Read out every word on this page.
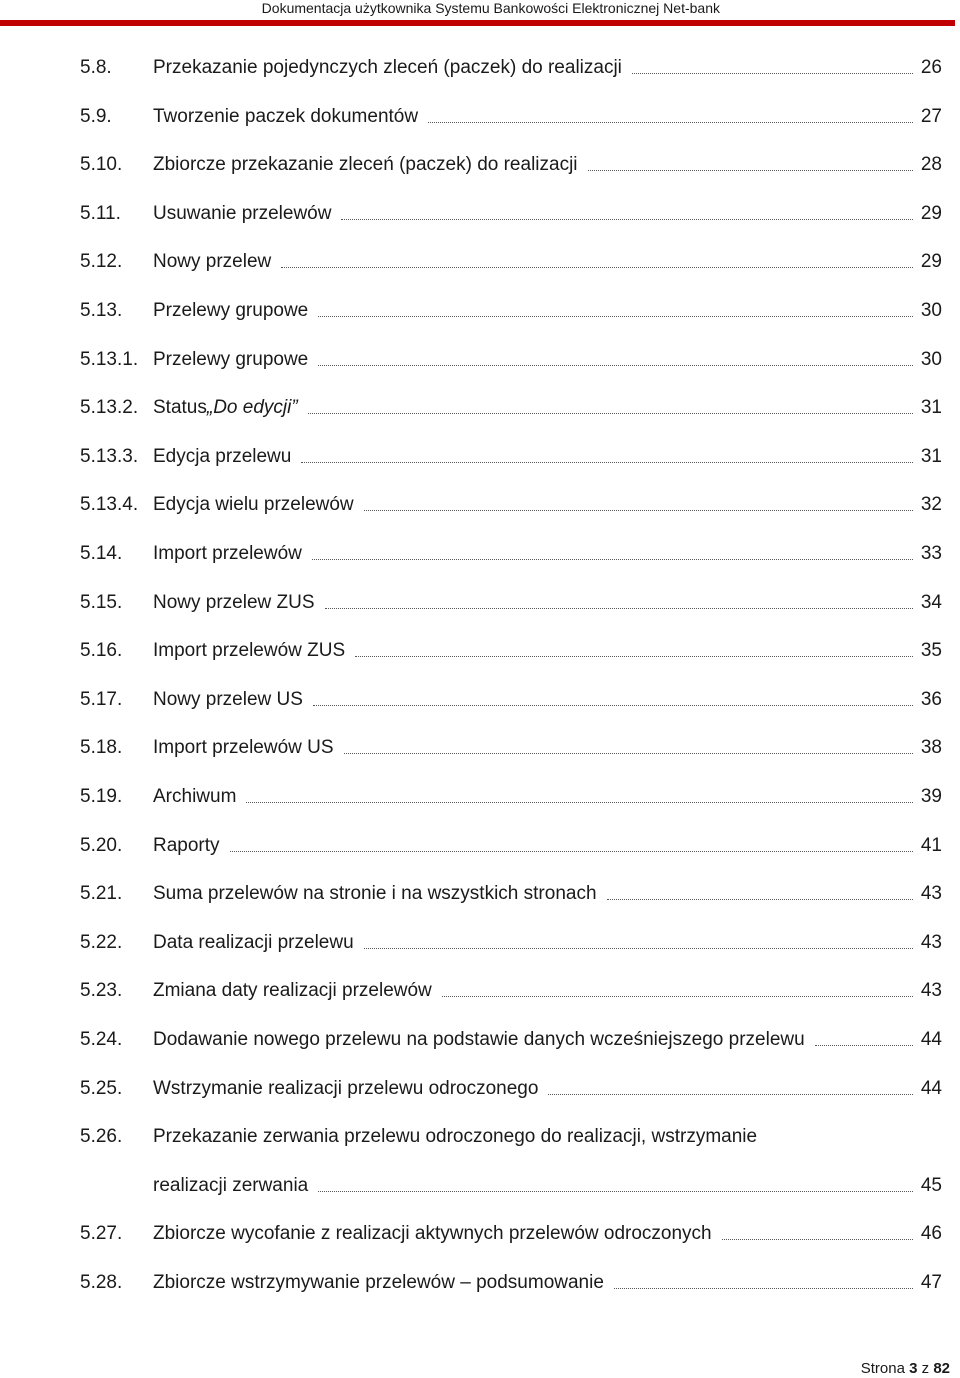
Dokumentacja użytkownika Systemu Bankowości Elektronicznej Net-bank
5.8.	Przekazanie pojedynczych zleceń (paczek) do realizacji	26
5.9.	Tworzenie paczek dokumentów	27
5.10.	Zbiorcze przekazanie zleceń (paczek) do realizacji	28
5.11.	Usuwanie przelewów	29
5.12.	Nowy przelew	29
5.13.	Przelewy grupowe	30
5.13.1. Przelewy grupowe	30
5.13.2. Status „Do edycji”	31
5.13.3. Edycja przelewu	31
5.13.4. Edycja wielu przelewów	32
5.14.	Import przelewów	33
5.15.	Nowy przelew ZUS	34
5.16.	Import przelewów ZUS	35
5.17.	Nowy przelew US	36
5.18.	Import przelewów US	38
5.19.	Archiwum	39
5.20.	Raporty	41
5.21.	Suma przelewów na stronie i na wszystkich stronach	43
5.22.	Data realizacji przelewu	43
5.23.	Zmiana daty realizacji przelewów	43
5.24.	Dodawanie nowego przelewu na podstawie danych wcześniejszego przelewu	44
5.25.	Wstrzymanie realizacji przelewu odroczonego	44
5.26.	Przekazanie zerwania przelewu odroczonego do realizacji, wstrzymanie
realizacji zerwania	45
5.27.	Zbiorcze wycofanie z realizacji aktywnych przelewów odroczonych	46
5.28.	Zbiorcze wstrzymywanie przelewów – podsumowanie	47
Strona 3 z 82
